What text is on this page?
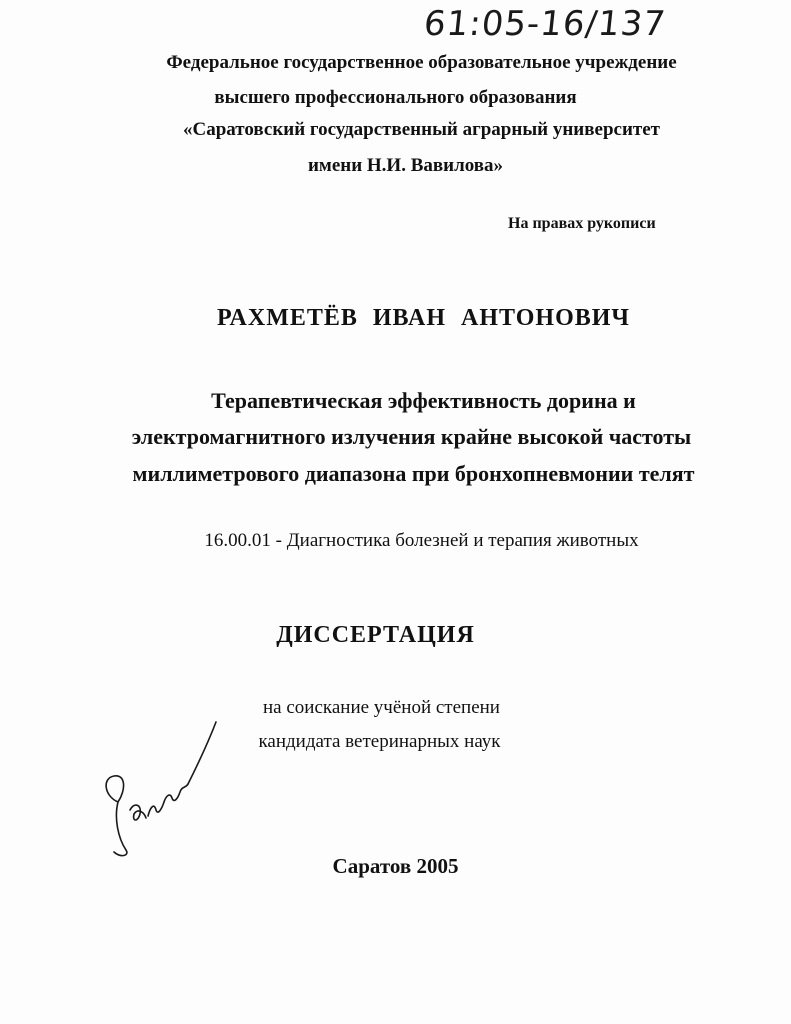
61:05-16/137
Федеральное государственное образовательное учреждение
высшего профессионального образования
«Саратовский государственный аграрный университет
имени Н.И. Вавилова»
На правах рукописи
РАХМЕТЁВ ИВАН АНТОНОВИЧ
Терапевтическая эффективность дорина и
электромагнитного излучения крайне высокой частоты
миллиметрового диапазона при бронхопневмонии телят
16.00.01 - Диагностика болезней и терапия животных
ДИССЕРТАЦИЯ
на соискание учёной степени
кандидата ветеринарных наук
Саратов 2005
